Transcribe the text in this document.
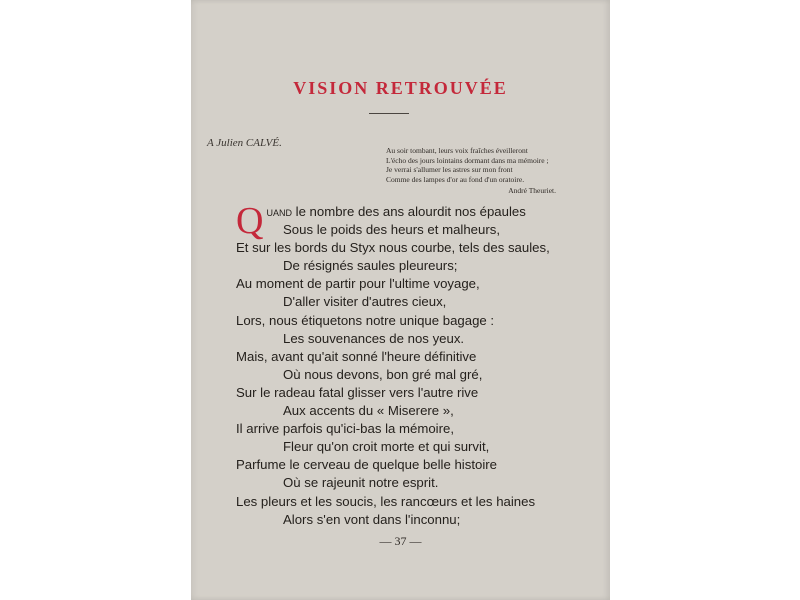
VISION RETROUVÉE
A Julien CALVÉ.
Au soir tombant, leurs voix fraîches éveilleront
L'écho des jours lointains dormant dans ma mémoire ;
Je verrai s'allumer les astres sur mon front
Comme des lampes d'or au fond d'un oratoire.
André Theuriet.
Quand le nombre des ans alourdit nos épaules
Sous le poids des heurs et malheurs,
Et sur les bords du Styx nous courbe, tels des saules,
De résignés saules pleureurs;
Au moment de partir pour l'ultime voyage,
D'aller visiter d'autres cieux,
Lors, nous étiquetons notre unique bagage :
Les souvenances de nos yeux.
Mais, avant qu'ait sonné l'heure définitive
Où nous devons, bon gré mal gré,
Sur le radeau fatal glisser vers l'autre rive
Aux accents du « Miserere »,
Il arrive parfois qu'ici-bas la mémoire,
Fleur qu'on croit morte et qui survit,
Parfume le cerveau de quelque belle histoire
Où se rajeunit notre esprit.
Les pleurs et les soucis, les rancœurs et les haines
Alors s'en vont dans l'inconnu;
— 37 —
